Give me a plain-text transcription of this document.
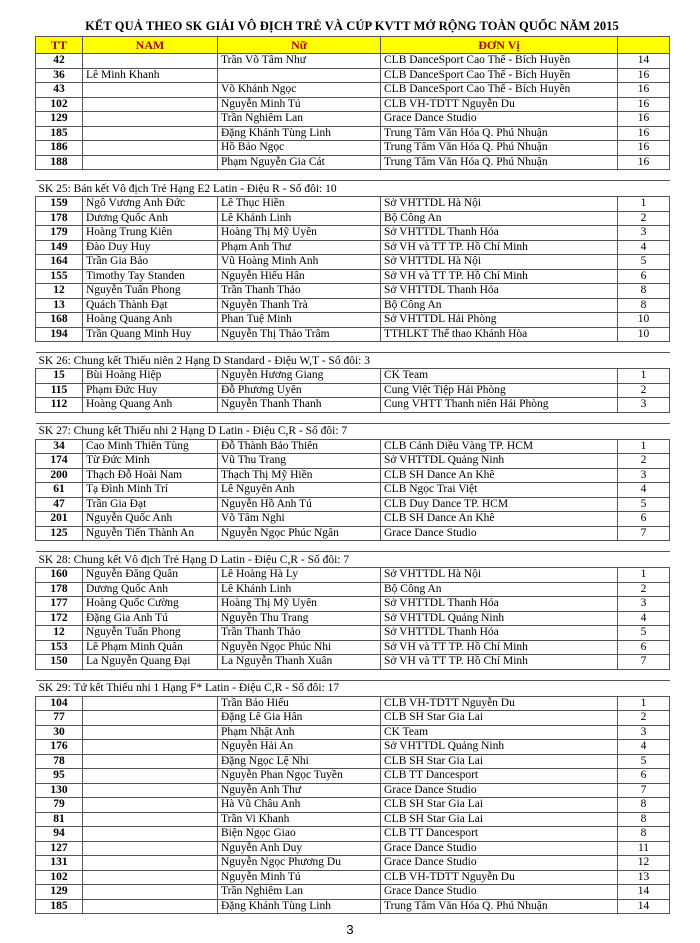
KẾT QUẢ THEO SK GIẢI VÔ ĐỊCH TRẺ VÀ CÚP KVTT MỞ RỘNG TOÀN QUỐC NĂM 2015
TT	NAM	Nữ	ĐƠN Vị	
42		Trần Võ Tâm Như	CLB DanceSport Cao Thế - Bích Huyền	14
36	Lê Minh Khanh		CLB DanceSport Cao Thế - Bích Huyền	16
43		Võ Khánh Ngọc	CLB DanceSport Cao Thế - Bích Huyền	16
102		Nguyễn Minh Tú	CLB VH-TDTT Nguyễn Du	16
129		Trần Nghiêm Lan	Grace Dance Studio	16
185		Đặng Khánh Tùng Linh	Trung Tâm Văn Hóa Q. Phú Nhuận	16
186		Hồ Bảo Ngọc	Trung Tâm Văn Hóa Q. Phú Nhuận	16
188		Phạm Nguyễn Gia Cát	Trung Tâm Văn Hóa Q. Phú Nhuận	16

SK 25: Bán kết Vô địch Trẻ Hạng E2 Latin - Điệu R - Số đôi: 10				
159	Ngô Vương Anh Đức	Lê Thục Hiền	Sở VHTTDL Hà Nội	1
178	Dương Quốc Anh	Lê Khánh Linh	Bộ Công An	2
179	Hoàng Trung Kiên	Hoàng Thị Mỹ Uyên	Sở VHTTDL Thanh Hóa	3
149	Đào Duy Huy	Phạm Anh Thư	Sở VH và TT TP. Hồ Chí Minh	4
164	Trần Gia Bảo	Vũ Hoàng Minh Anh	Sở VHTTDL Hà Nội	5
155	Timothy Tay Standen	Nguyễn Hiếu Hân	Sở VH và TT TP. Hồ Chí Minh	6
12	Nguyễn Tuấn Phong	Trần Thanh Thảo	Sở VHTTDL Thanh Hóa	8
13	Quách Thành Đạt	Nguyễn Thanh Trà	Bộ Công An	8
168	Hoàng Quang Anh	Phan Tuệ Minh	Sở VHTTDL Hải Phòng	10
194	Trần Quang Minh Huy	Nguyễn Thị Thảo Trâm	TTHLKT Thể thao Khánh Hòa	10

SK 26: Chung kết Thiếu niên 2 Hạng D Standard - Điệu W,T - Số đôi: 3				
15	Bùi Hoàng Hiệp	Nguyễn Hương Giang	CK Team	1
115	Phạm Đức Huy	Đỗ Phương Uyên	Cung Việt Tiệp Hải Phòng	2
112	Hoàng Quang Anh	Nguyễn Thanh Thanh	Cung VHTT Thanh niên Hải Phòng	3

SK 27: Chung kết Thiếu nhi 2 Hạng D Latin - Điệu C,R - Số đôi: 7				
34	Cao Minh Thiên Tùng	Đỗ Thành Bảo Thiên	CLB Cánh Diều Vàng TP. HCM	1
174	Từ Đức Minh	Vũ Thu Trang	Sở VHTTDL Quảng Ninh	2
200	Thạch Đỗ Hoài Nam	Thạch Thị Mỹ Hiền	CLB SH Dance An Khê	3
61	Tạ Đình Minh Trí	Lê Nguyên Anh	CLB Ngọc Trai Việt	4
47	Trần Gia Đạt	Nguyễn Hồ Anh Tú	CLB Duy Dance TP. HCM	5
201	Nguyễn Quốc Anh	Võ Tâm Nghi	CLB SH Dance An Khê	6
125	Nguyễn Tiến Thành An	Nguyễn Ngọc Phúc Ngân	Grace Dance Studio	7

SK 28: Chung kết Vô địch Trẻ Hạng D Latin - Điệu C,R - Số đôi: 7				
160	Nguyễn Đăng Quân	Lê Hoàng Hà Ly	Sở VHTTDL Hà Nội	1
178	Dương Quốc Anh	Lê Khánh Linh	Bộ Công An	2
177	Hoàng Quốc Cường	Hoàng Thị Mỹ Uyên	Sở VHTTDL Thanh Hóa	3
172	Đặng Gia Anh Tú	Nguyễn Thu Trang	Sở VHTTDL Quảng Ninh	4
12	Nguyễn Tuấn Phong	Trần Thanh Thảo	Sở VHTTDL Thanh Hóa	5
153	Lê Phạm Minh Quân	Nguyễn Ngọc Phúc Nhi	Sở VH và TT TP. Hồ Chí Minh	6
150	La Nguyễn Quang Đại	La Nguyễn Thanh Xuân	Sở VH và TT TP. Hồ Chí Minh	7

SK 29: Tứ kết Thiếu nhi 1 Hạng F* Latin - Điệu C,R - Số đôi: 17				
104		Trần Bảo Hiếu	CLB VH-TDTT Nguyễn Du	1
77		Đặng Lê Gia Hân	CLB SH Star Gia Lai	2
30		Phạm Nhật Anh	CK Team	3
176		Nguyễn Hải An	Sở VHTTDL Quảng Ninh	4
78		Đặng Ngọc Lệ Nhi	CLB SH Star Gia Lai	5
95		Nguyễn Phan Ngọc Tuyền	CLB TT Dancesport	6
130		Nguyễn Anh Thư	Grace Dance Studio	7
79		Hà Vũ Châu Anh	CLB SH Star Gia Lai	8
81		Trần Vi Khanh	CLB SH Star Gia Lai	8
94		Biện Ngọc Giao	CLB TT Dancesport	8
127		Nguyễn Anh Duy	Grace Dance Studio	11
131		Nguyễn Ngọc Phương Du	Grace Dance Studio	12
102		Nguyễn Minh Tú	CLB VH-TDTT Nguyễn Du	13
129		Trần Nghiêm Lan	Grace Dance Studio	14
185		Đặng Khánh Tùng Linh	Trung Tâm Văn Hóa Q. Phú Nhuận	14
3
